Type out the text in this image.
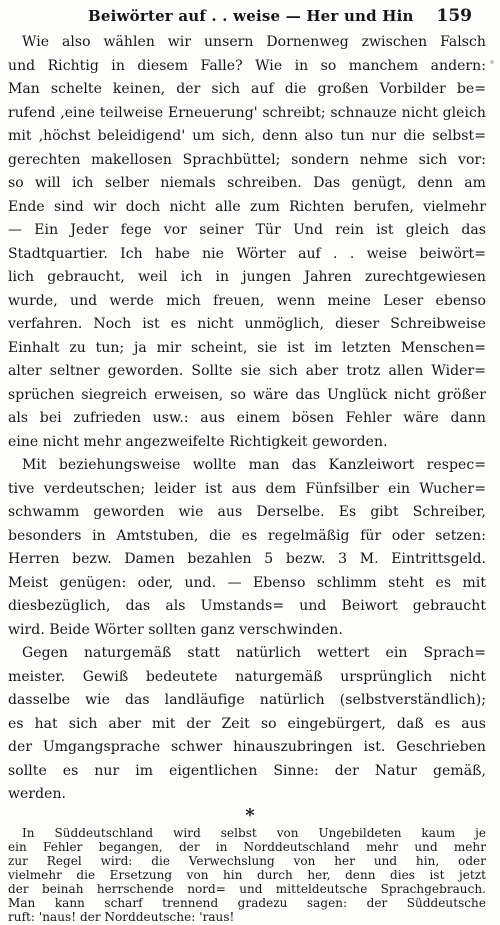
Beiwörter auf . . weise — Her und Hin 159
Wie also wählen wir unsern Dornenweg zwischen Falsch
und Richtig in diesem Falle? Wie in so manchem andern:
Man schelte keinen, der sich auf die großen Vorbilder be=
rufend ‚eine teilweise Erneuerung' schreibt; schnauze nicht gleich
mit ‚höchst beleidigend' um sich, denn also tun nur die selbst=
gerechten makellosen Sprachbüttel; sondern nehme sich vor:
so will ich selber niemals schreiben. Das genügt, denn am
Ende sind wir doch nicht alle zum Richten berufen, vielmehr
— Ein Jeder fege vor seiner Tür Und rein ist gleich das
Stadtquartier. Ich habe nie Wörter auf . . weise beiwört=
lich gebraucht, weil ich in jungen Jahren zurechtgewiesen
wurde, und werde mich freuen, wenn meine Leser ebenso
verfahren. Noch ist es nicht unmöglich, dieser Schreibweise
Einhalt zu tun; ja mir scheint, sie ist im letzten Menschen=
alter seltner geworden. Sollte sie sich aber trotz allen Wider=
sprüchen siegreich erweisen, so wäre das Unglück nicht größer
als bei zufrieden usw.: aus einem bösen Fehler wäre dann
eine nicht mehr angezweifelte Richtigkeit geworden.
Mit beziehungsweise wollte man das Kanzleiwort respec=
tive verdeutschen; leider ist aus dem Fünfsilber ein Wucher=
schwamm geworden wie aus Derselbe. Es gibt Schreiber,
besonders in Amtstuben, die es regelmäßig für oder setzen:
Herren bezw. Damen bezahlen 5 bezw. 3 M. Eintrittsgeld.
Meist genügen: oder, und. — Ebenso schlimm steht es mit
diesbezüglich, das als Umstands= und Beiwort gebraucht
wird. Beide Wörter sollten ganz verschwinden.
Gegen naturgemäß statt natürlich wettert ein Sprach=
meister. Gewiß bedeutete naturgemäß ursprünglich nicht
dasselbe wie das landläufige natürlich (selbstverständlich);
es hat sich aber mit der Zeit so eingebürgert, daß es aus
der Umgangsprache schwer hinauszubringen ist. Geschrieben
sollte es nur im eigentlichen Sinne: der Natur gemäß,
werden.
*
In Süddeutschland wird selbst von Ungebildeten kaum je
ein Fehler begangen, der in Norddeutschland mehr und mehr
zur Regel wird: die Verwechslung von her und hin, oder
vielmehr die Ersetzung von hin durch her, denn dies ist jetzt
der beinah herrschende nord= und mitteldeutsche Sprachgebrauch.
Man kann scharf trennend gradezu sagen: der Süddeutsche
ruft: 'naus! der Norddeutsche: 'raus!
